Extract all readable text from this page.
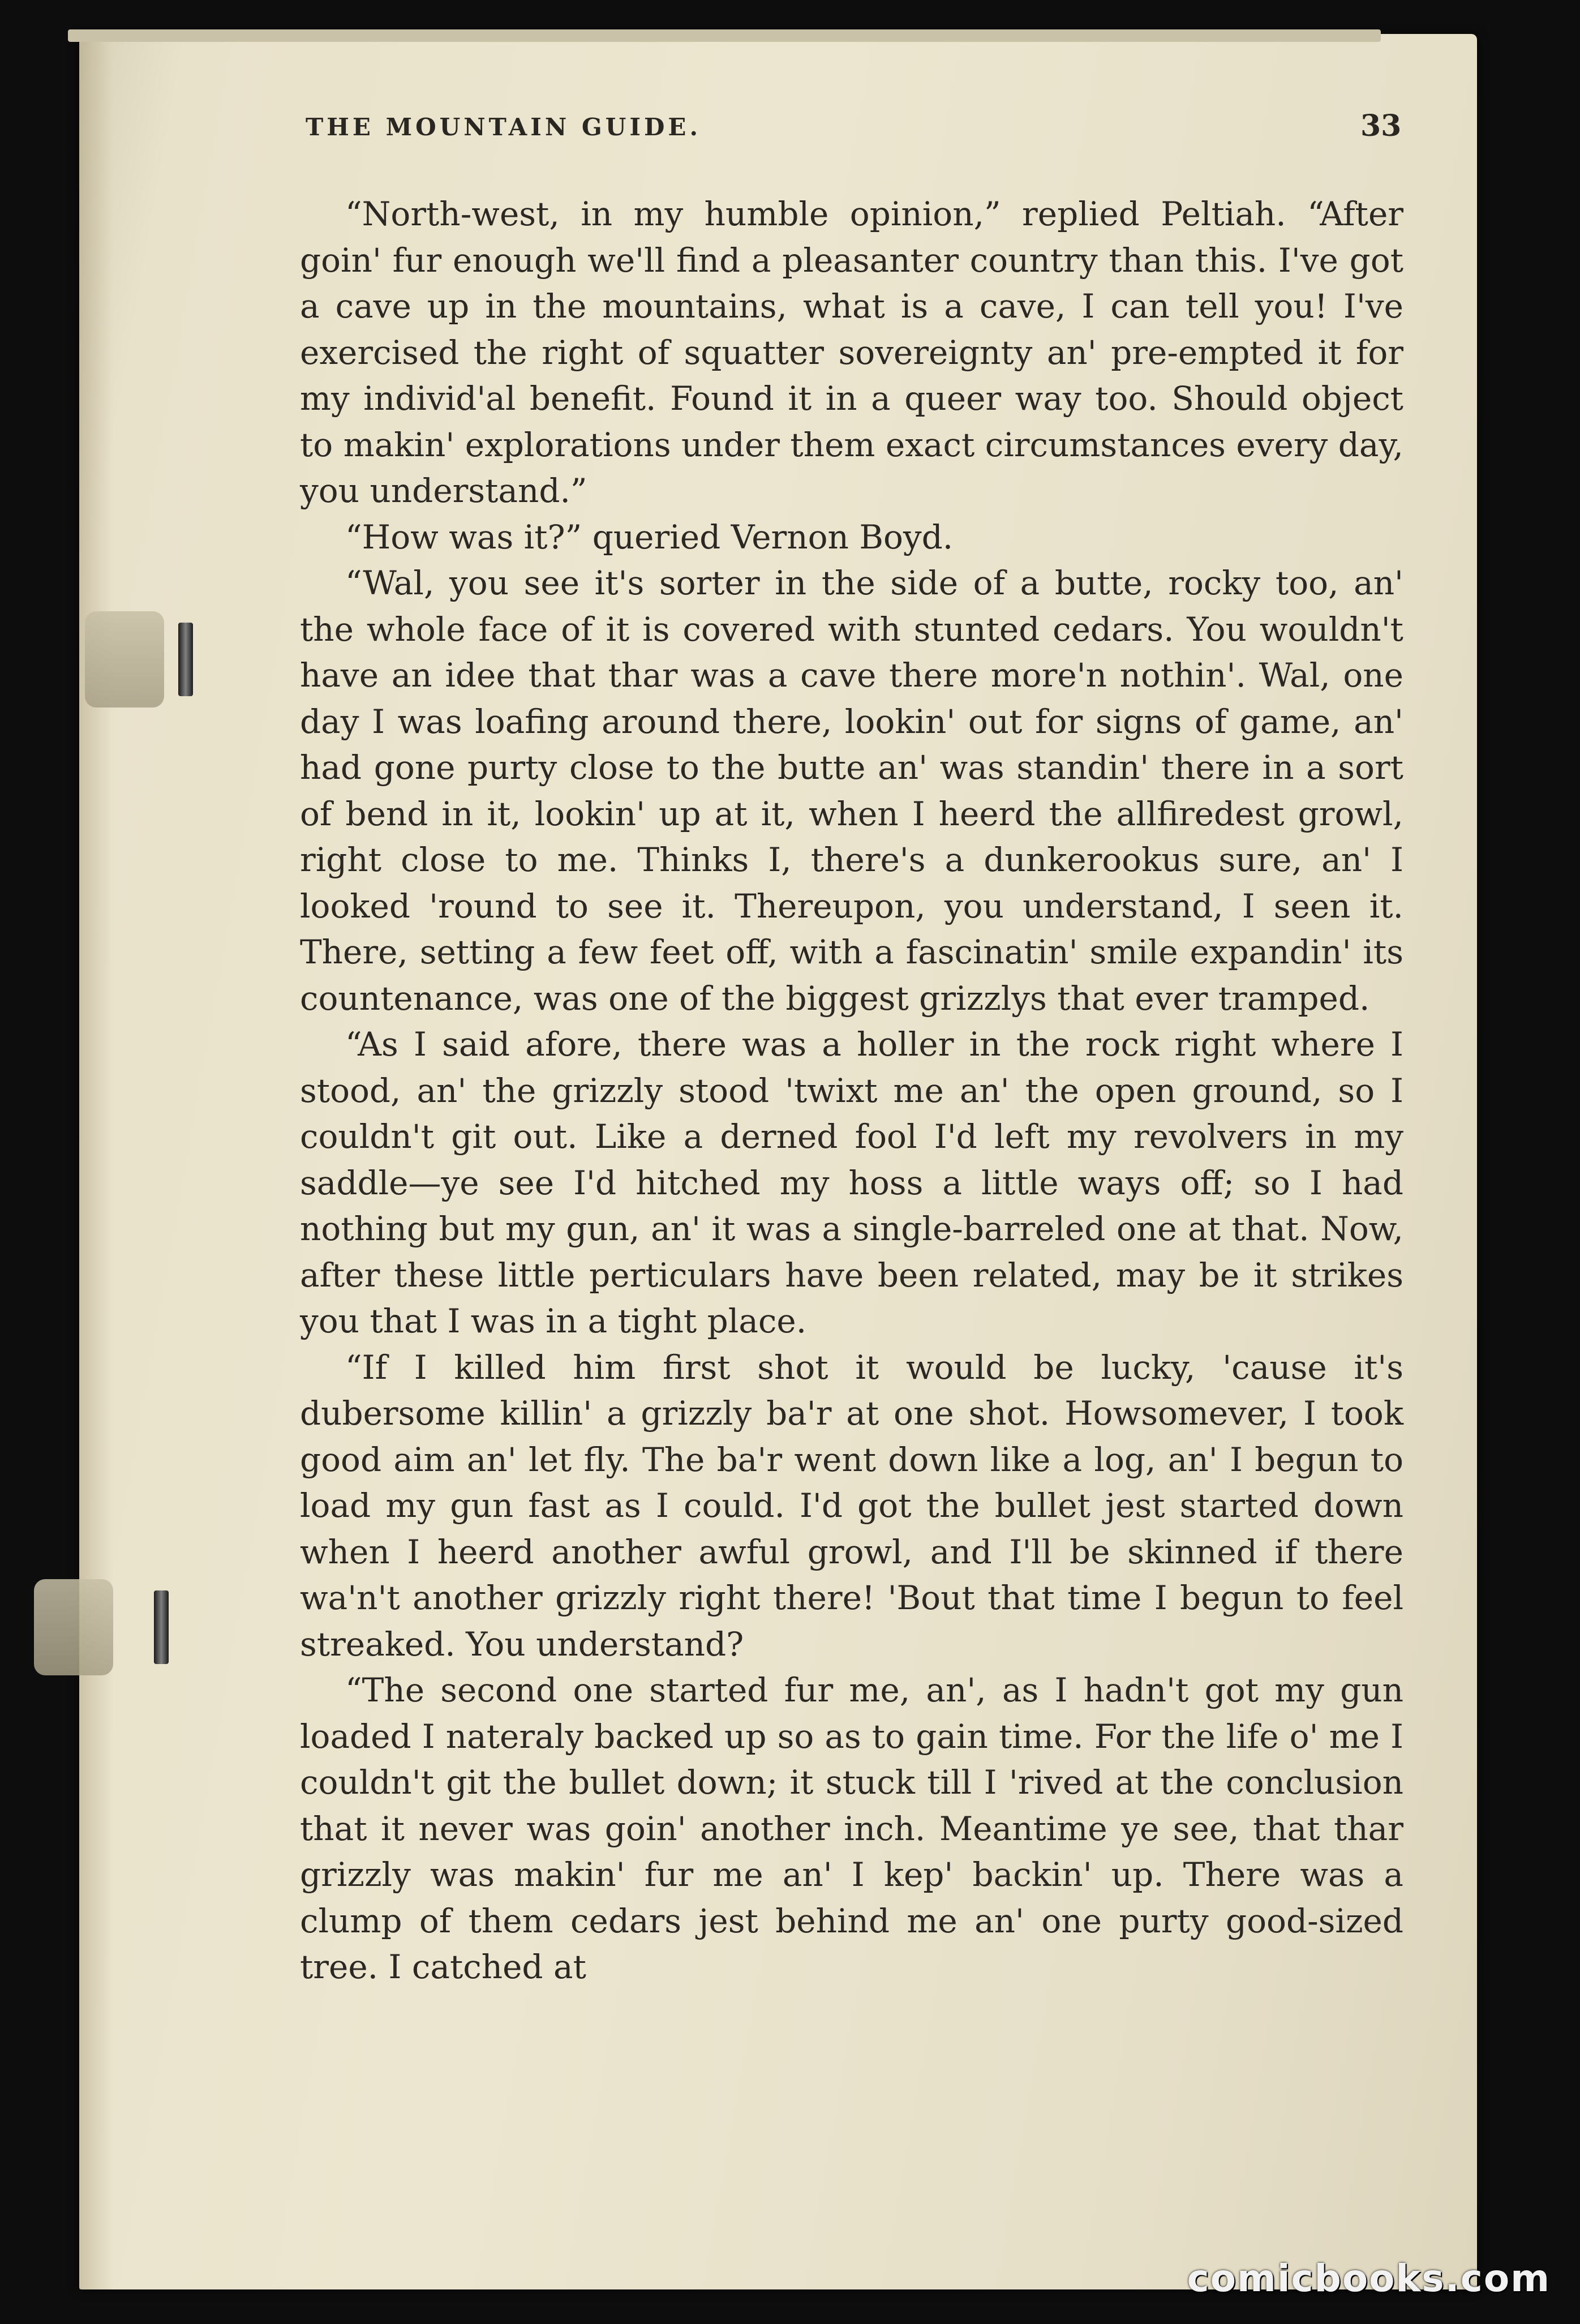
THE MOUNTAIN GUIDE.	33

“North-west, in my humble opinion,” replied Peltiah. “After goin' fur enough we'll find a pleasanter country than this. I've got a cave up in the mountains, what is a cave, I can tell you! I've exercised the right of squatter sovereignty an' pre-empted it for my individ'al benefit. Found it in a queer way too. Should object to makin' explorations under them exact circumstances every day, you understand.”

“How was it?” queried Vernon Boyd.

“Wal, you see it's sorter in the side of a butte, rocky too, an' the whole face of it is covered with stunted cedars. You wouldn't have an idee that thar was a cave there more'n nothin'. Wal, one day I was loafing around there, lookin' out for signs of game, an' had gone purty close to the butte an' was standin' there in a sort of bend in it, lookin' up at it, when I heerd the allfiredest growl, right close to me. Thinks I, there's a dunkerookus sure, an' I looked 'round to see it. Thereupon, you understand, I seen it. There, setting a few feet off, with a fascinatin' smile expandin' its countenance, was one of the biggest grizzlys that ever tramped.

“As I said afore, there was a holler in the rock right where I stood, an' the grizzly stood 'twixt me an' the open ground, so I couldn't git out. Like a derned fool I'd left my revolvers in my saddle—ye see I'd hitched my hoss a little ways off; so I had nothing but my gun, an' it was a single-barreled one at that. Now, after these little perticulars have been related, may be it strikes you that I was in a tight place.

“If I killed him first shot it would be lucky, 'cause it's dubersome killin' a grizzly ba'r at one shot. Howsomever, I took good aim an' let fly. The ba'r went down like a log, an' I begun to load my gun fast as I could. I'd got the bullet jest started down when I heerd another awful growl, and I'll be skinned if there wa'n't another grizzly right there! 'Bout that time I begun to feel streaked. You understand?

“The second one started fur me, an', as I hadn't got my gun loaded I nateraly backed up so as to gain time. For the life o' me I couldn't git the bullet down; it stuck till I 'rived at the conclusion that it never was goin' another inch. Meantime ye see, that thar grizzly was makin' fur me an' I kep' backin' up. There was a clump of them cedars jest behind me an' one purty good-sized tree. I catched at

comicbooks.com
